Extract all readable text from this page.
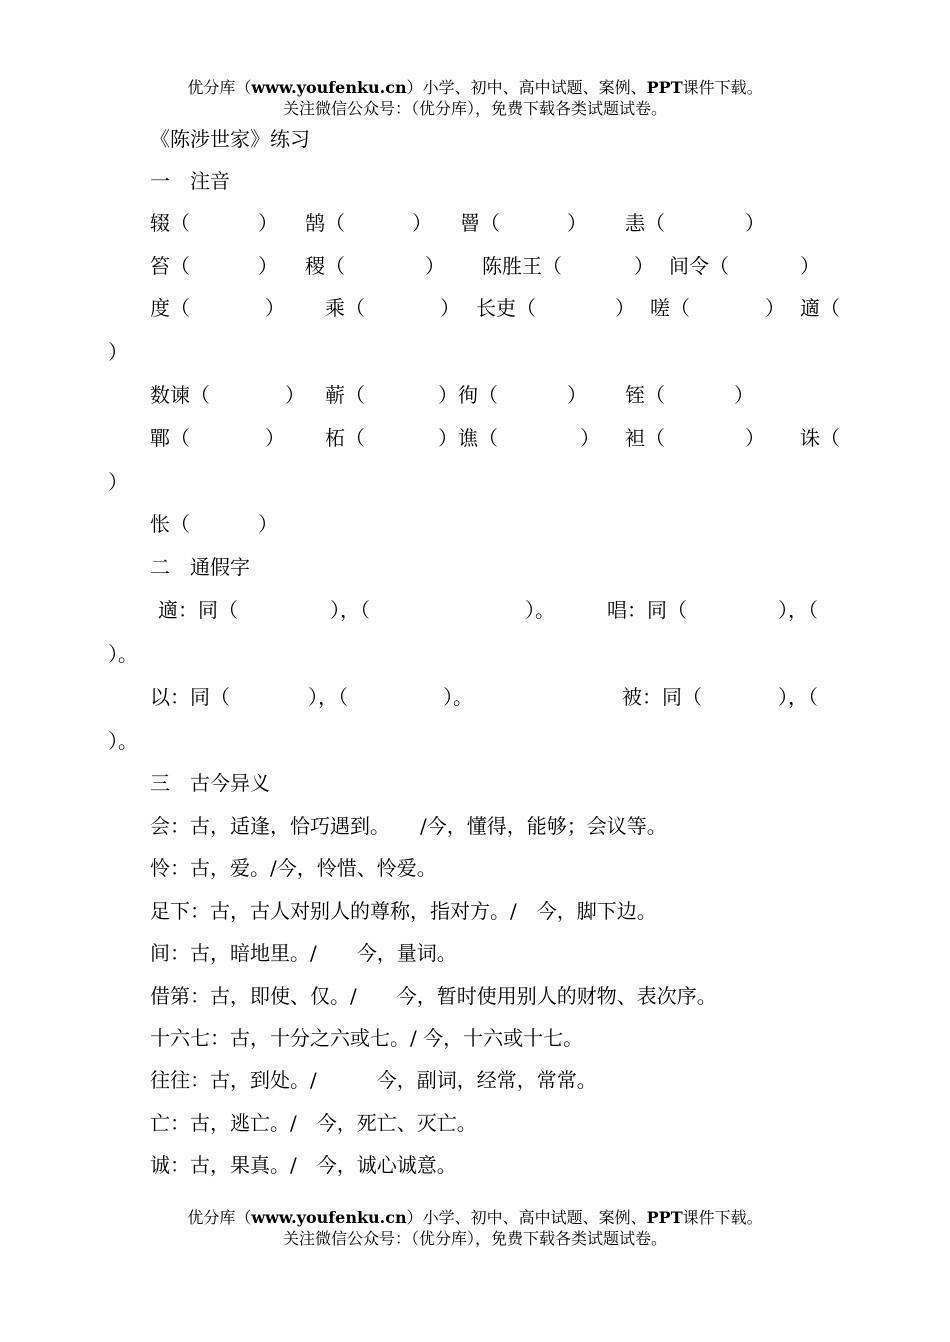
优分库（www.youfenku.cn）小学、初中、高中试题、案例、PPT课件下载。
关注微信公众号：（优分库），免费下载各类试题试卷。
《陈涉世家》练习
一　注音
辍（	） 鹄（	） 罾（	） 恚（	）
笞（	） 稷（	） 陈胜王（	） 间令（	）
度（	） 乘（	） 长吏（	） 嗟（	） 適（
）
数谏（	） 蕲（	）徇（	） 铚（	）
鄲（	） 柘（	）谯（	） 袒（	） 诛（
）
怅（	）
二　通假字
適：同（	），（	）。	唱：同（	），（
）。
以：同（	），（	）。	被：同（	），（
）。
三　古今异义
会：古，适逢，恰巧遇到。　　/今，懂得，能够；会议等。
怜：古，爱。/今，怜惜、怜爱。
足下：古，古人对别人的尊称，指对方。/　今，脚下边。
间：古，暗地里。/　　今，量词。
借第：古，即使、仅。/　　今，暂时使用别人的财物、表次序。
十六七：古，十分之六或七。/ 今，十六或十七。
往往：古，到处。/　　　今，副词，经常，常常。
亡：古，逃亡。/　今，死亡、灭亡。
诚：古，果真。/　今，诚心诚意。
优分库（www.youfenku.cn）小学、初中、高中试题、案例、PPT课件下载。
关注微信公众号：（优分库），免费下载各类试题试卷。
